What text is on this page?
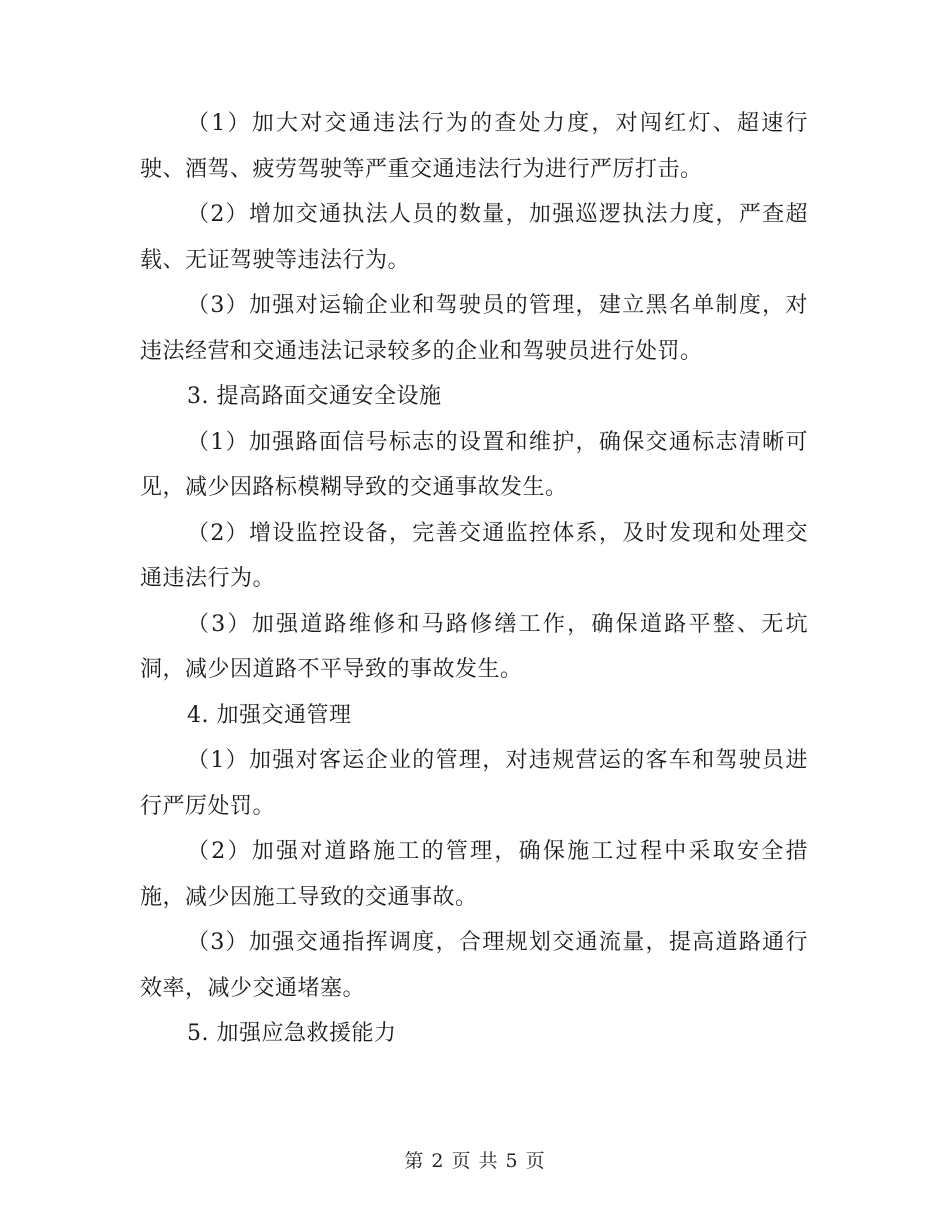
（1）加大对交通违法行为的查处力度，对闯红灯、超速行驶、酒驾、疲劳驾驶等严重交通违法行为进行严厉打击。

（2）增加交通执法人员的数量，加强巡逻执法力度，严查超载、无证驾驶等违法行为。

（3）加强对运输企业和驾驶员的管理，建立黑名单制度，对违法经营和交通违法记录较多的企业和驾驶员进行处罚。

3. 提高路面交通安全设施

（1）加强路面信号标志的设置和维护，确保交通标志清晰可见，减少因路标模糊导致的交通事故发生。

（2）增设监控设备，完善交通监控体系，及时发现和处理交通违法行为。

（3）加强道路维修和马路修缮工作，确保道路平整、无坑洞，减少因道路不平导致的事故发生。

4. 加强交通管理

（1）加强对客运企业的管理，对违规营运的客车和驾驶员进行严厉处罚。

（2）加强对道路施工的管理，确保施工过程中采取安全措施，减少因施工导致的交通事故。

（3）加强交通指挥调度，合理规划交通流量，提高道路通行效率，减少交通堵塞。

5. 加强应急救援能力

第 2 页 共 5 页
